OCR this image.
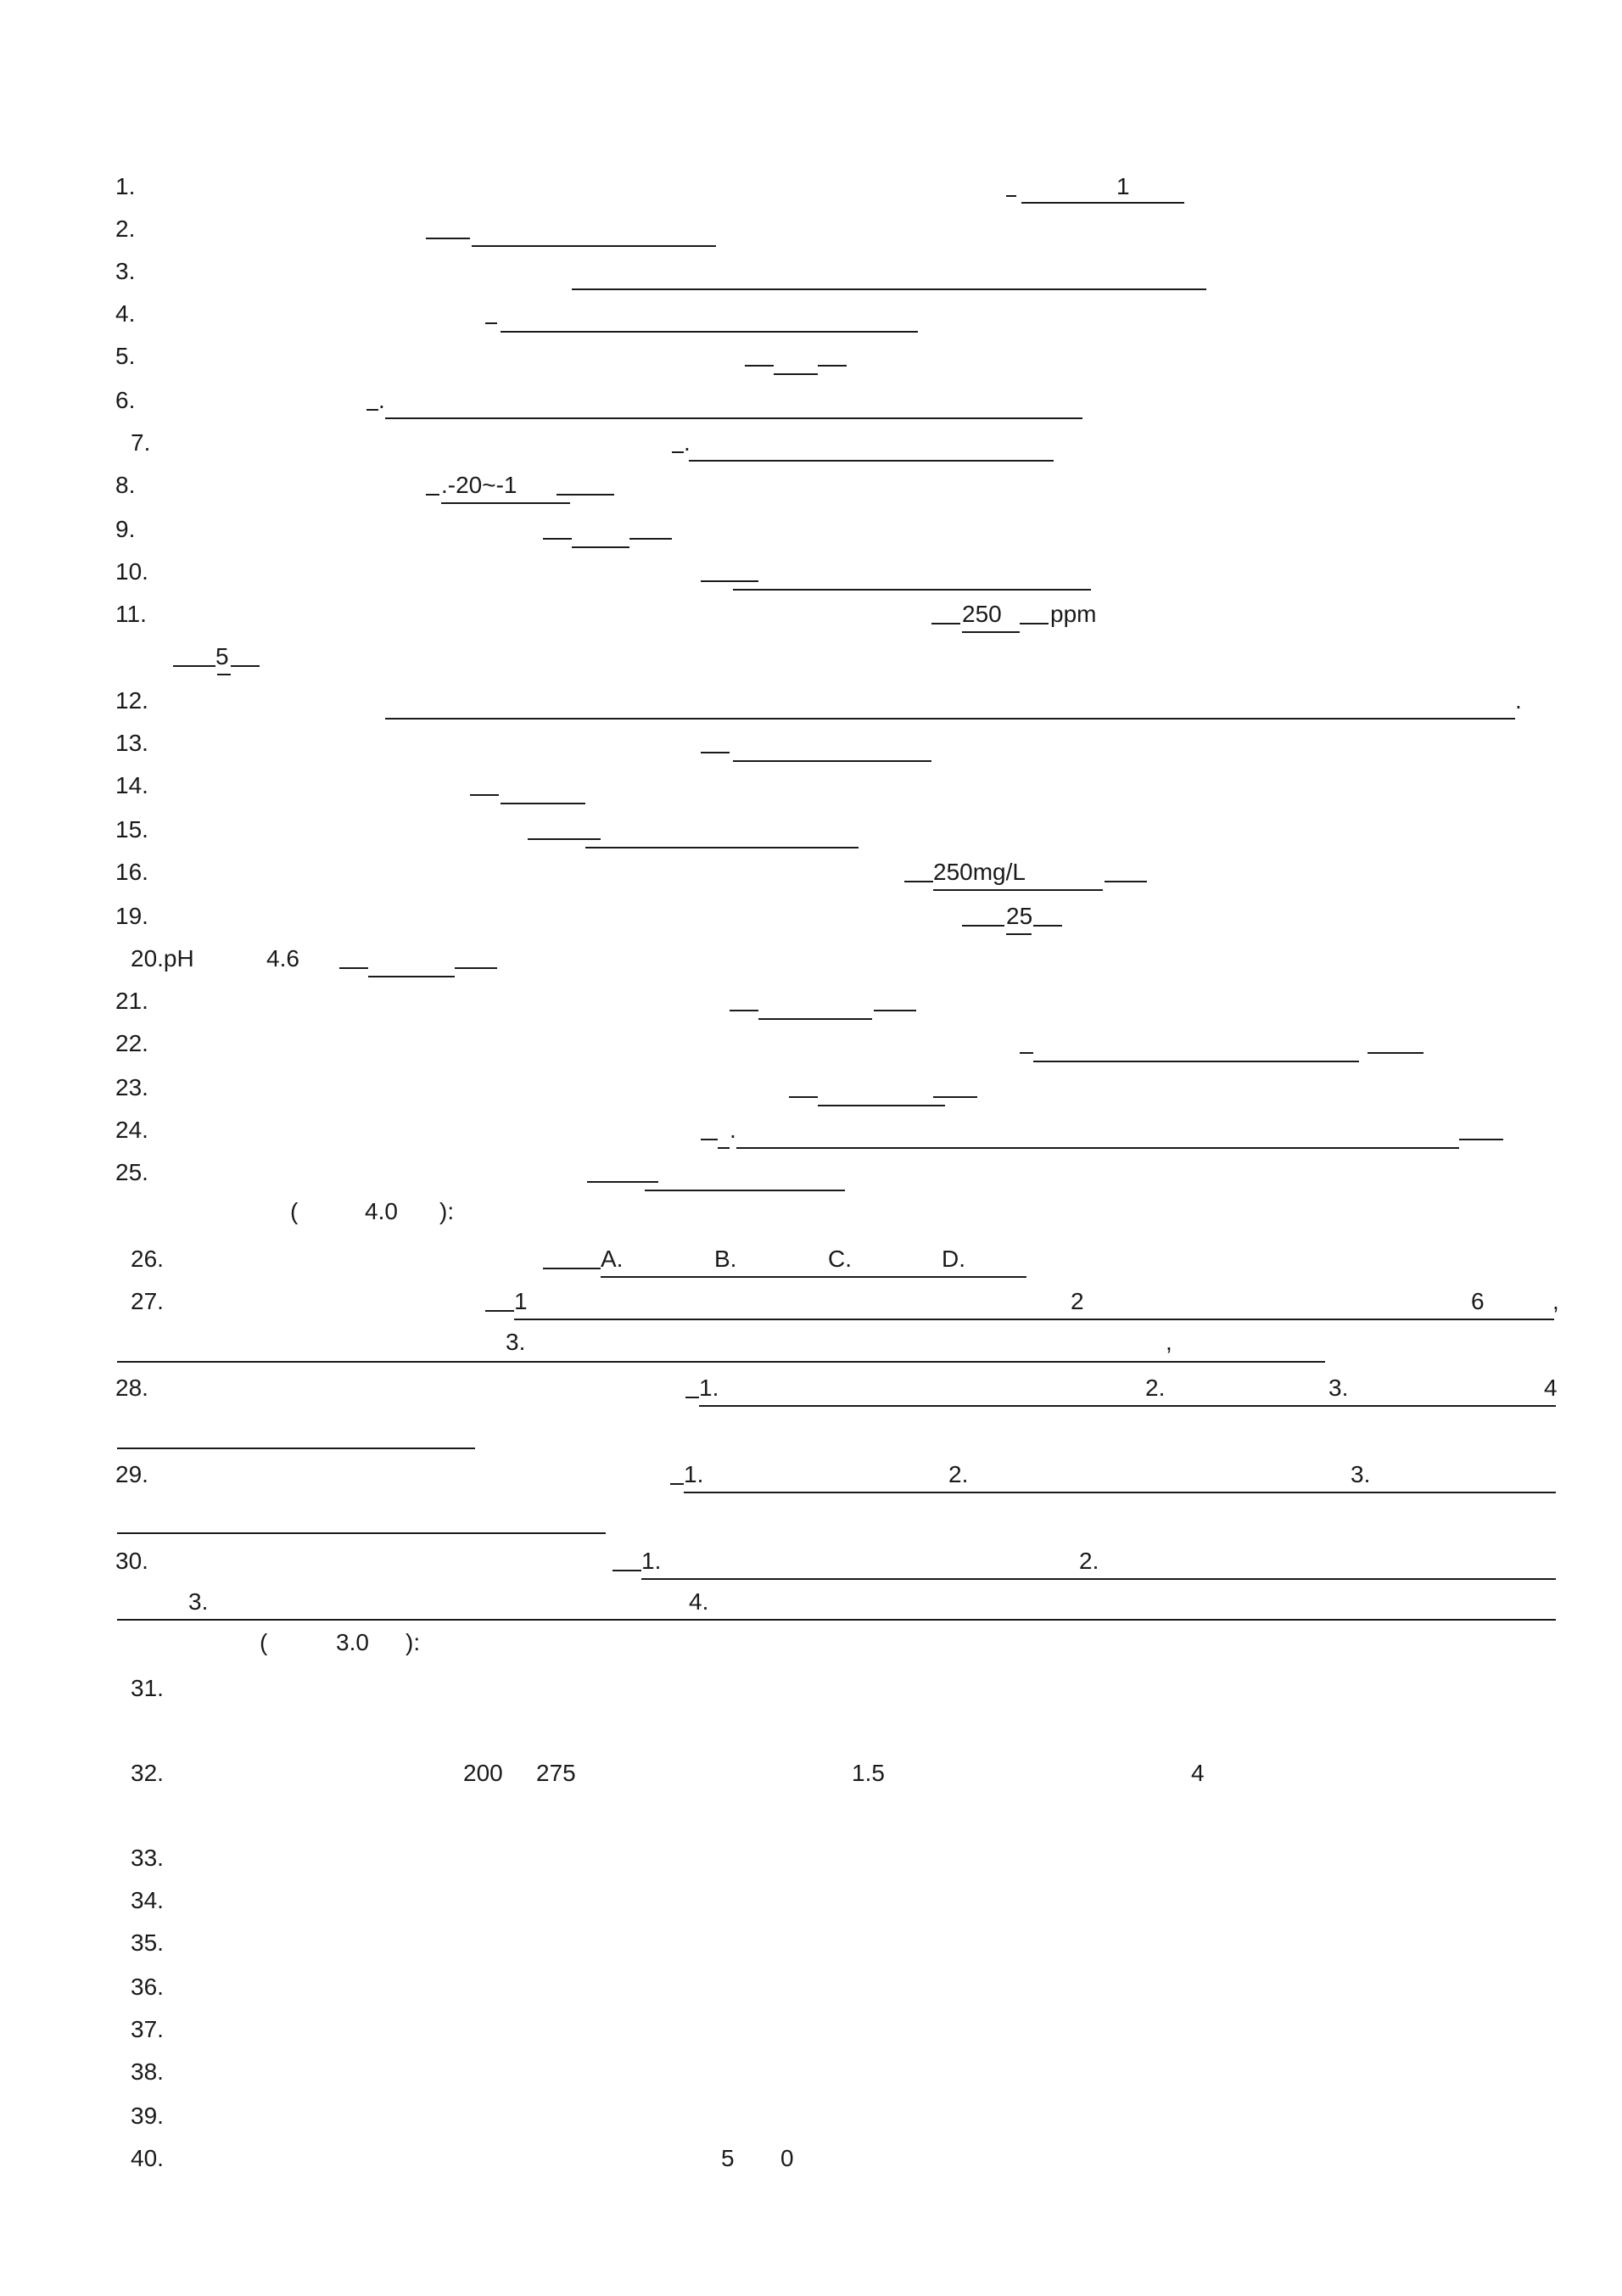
1.	1
2.
3.
4.
5.
6.	.
7.	.
8.	.-20~-1
9.
10.
11.	250 ppm
5
12.	.
13.
14.
15.
16.	250mg/L
19.	25
20.pH	4.6
21.
22.
23.
24.	.
25.
(	4.0 ):
26.	A.	B.	C.	D.
27.	1	2	6	,
3.	,
28.	1.	2.	3.	4
29.	1.	2.	3.
30.	1.	2.
3.	4.
(	3.0 ):
31.
32.	200 275	1.5	4
33.
34.
35.
36.
37.
38.
39.
40.	5 0
